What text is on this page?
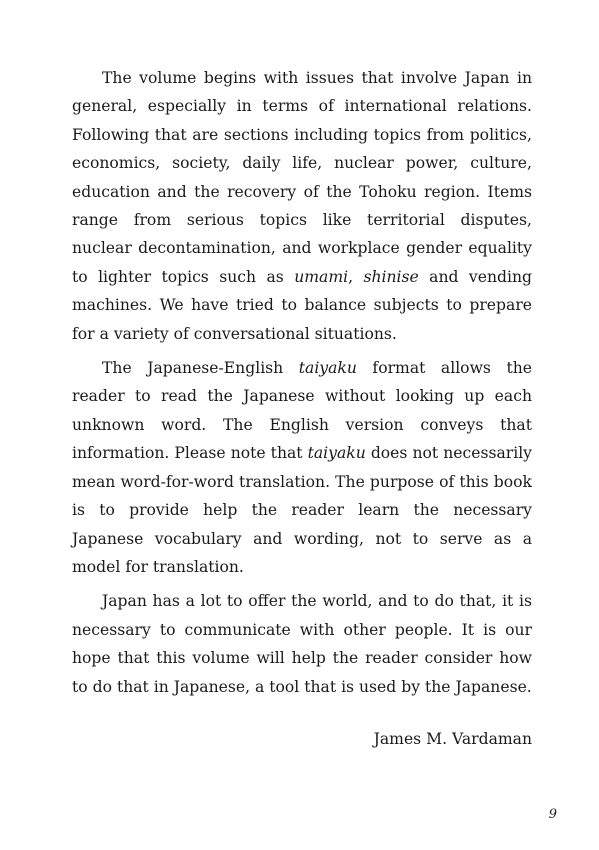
The volume begins with issues that involve Japan in general, especially in terms of international relations. Following that are sections including topics from politics, economics, society, daily life, nuclear power, culture, education and the recovery of the Tohoku region. Items range from serious topics like territorial disputes, nuclear decontamination, and workplace gender equality to lighter topics such as umami, shinise and vending machines. We have tried to balance subjects to prepare for a variety of conversational situations.

The Japanese-English taiyaku format allows the reader to read the Japanese without looking up each unknown word. The English version conveys that information. Please note that taiyaku does not necessarily mean word-for-word translation. The purpose of this book is to provide help the reader learn the necessary Japanese vocabulary and wording, not to serve as a model for translation.

Japan has a lot to offer the world, and to do that, it is necessary to communicate with other people. It is our hope that this volume will help the reader consider how to do that in Japanese, a tool that is used by the Japanese.

James M. Vardaman
9
